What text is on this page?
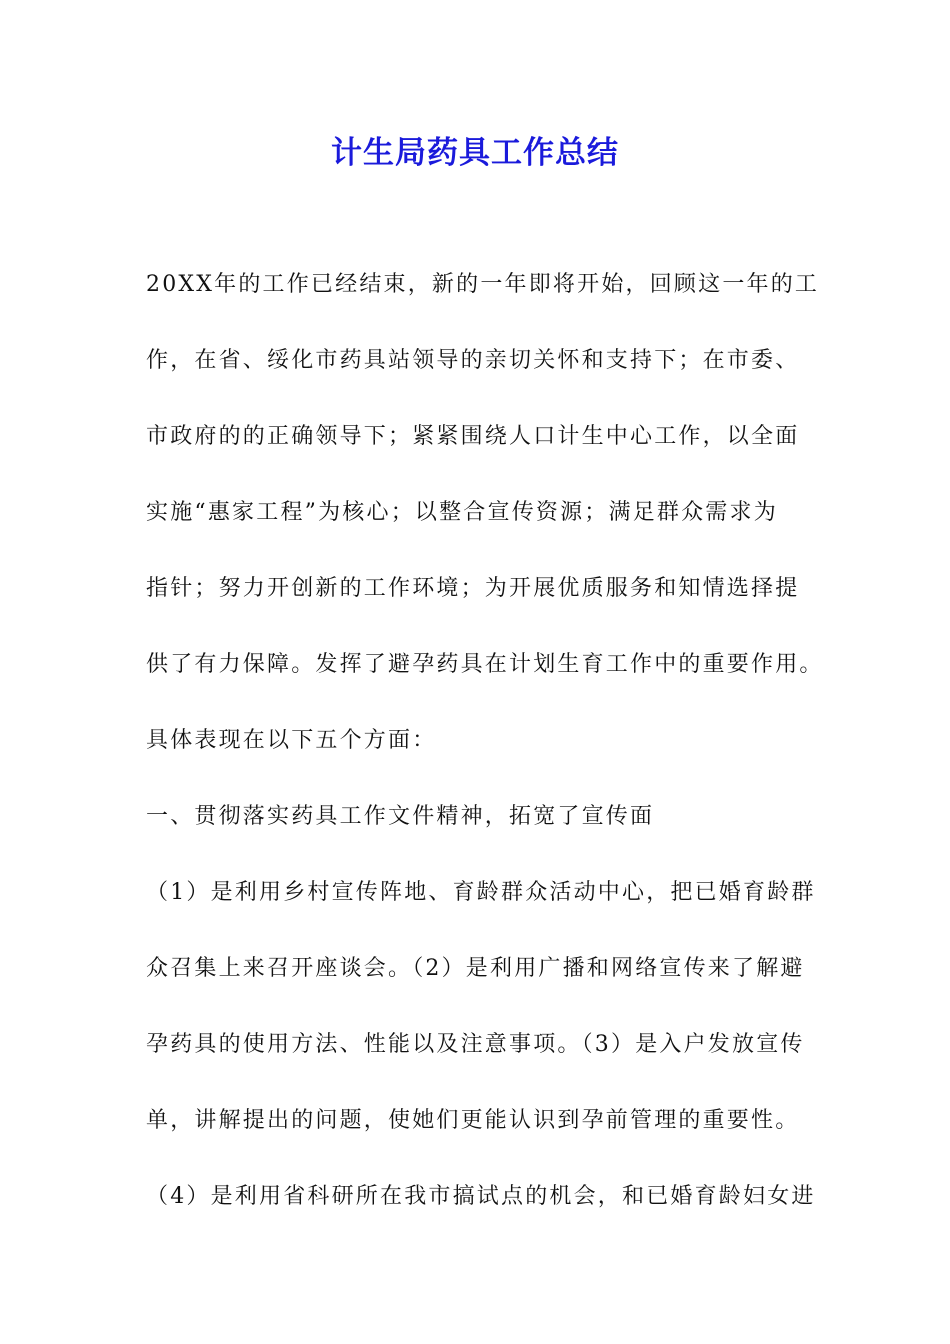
计生局药具工作总结
20XX年的工作已经结束，新的一年即将开始，回顾这一年的工
作，在省、绥化市药具站领导的亲切关怀和支持下；在市委、
市政府的的正确领导下；紧紧围绕人口计生中心工作，以全面
实施“惠家工程”为核心；以整合宣传资源；满足群众需求为
指针；努力开创新的工作环境；为开展优质服务和知情选择提
供了有力保障。发挥了避孕药具在计划生育工作中的重要作用。
具体表现在以下五个方面：
一、贯彻落实药具工作文件精神，拓宽了宣传面
（1）是利用乡村宣传阵地、育龄群众活动中心，把已婚育龄群
众召集上来召开座谈会。（2）是利用广播和网络宣传来了解避
孕药具的使用方法、性能以及注意事项。（3）是入户发放宣传
单，讲解提出的问题，使她们更能认识到孕前管理的重要性。
（4）是利用省科研所在我市搞试点的机会，和已婚育龄妇女进
